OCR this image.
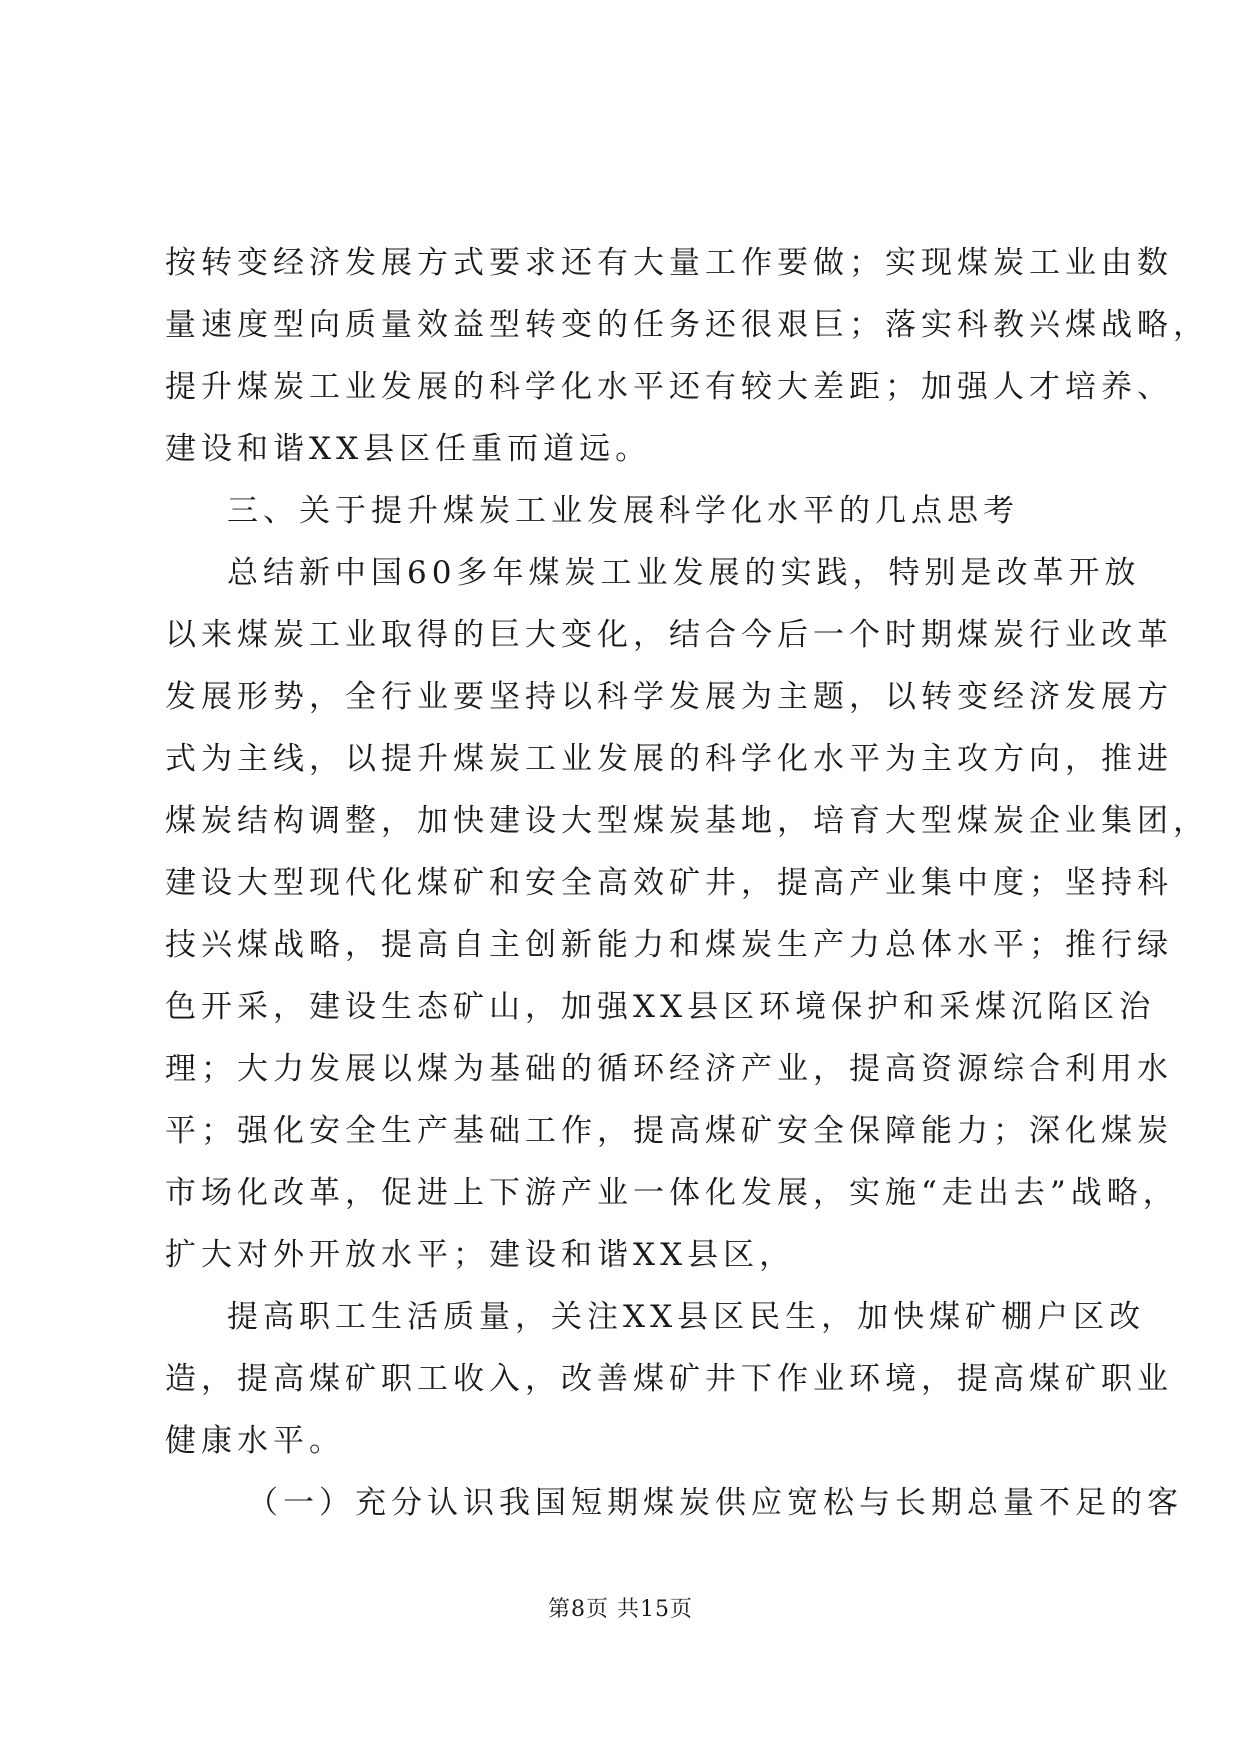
按转变经济发展方式要求还有大量工作要做；实现煤炭工业由数
量速度型向质量效益型转变的任务还很艰巨；落实科教兴煤战略，
提升煤炭工业发展的科学化水平还有较大差距；加强人才培养、
建设和谐XX县区任重而道远。
三、关于提升煤炭工业发展科学化水平的几点思考
总结新中国60多年煤炭工业发展的实践，特别是改革开放
以来煤炭工业取得的巨大变化，结合今后一个时期煤炭行业改革
发展形势，全行业要坚持以科学发展为主题，以转变经济发展方
式为主线，以提升煤炭工业发展的科学化水平为主攻方向，推进
煤炭结构调整，加快建设大型煤炭基地，培育大型煤炭企业集团，
建设大型现代化煤矿和安全高效矿井，提高产业集中度；坚持科
技兴煤战略，提高自主创新能力和煤炭生产力总体水平；推行绿
色开采，建设生态矿山，加强XX县区环境保护和采煤沉陷区治
理；大力发展以煤为基础的循环经济产业，提高资源综合利用水
平；强化安全生产基础工作，提高煤矿安全保障能力；深化煤炭
市场化改革，促进上下游产业一体化发展，实施“走出去”战略，
扩大对外开放水平；建设和谐XX县区，
提高职工生活质量，关注XX县区民生，加快煤矿棚户区改
造，提高煤矿职工收入，改善煤矿井下作业环境，提高煤矿职业
健康水平。
（一）充分认识我国短期煤炭供应宽松与长期总量不足的客
第8页 共15页
